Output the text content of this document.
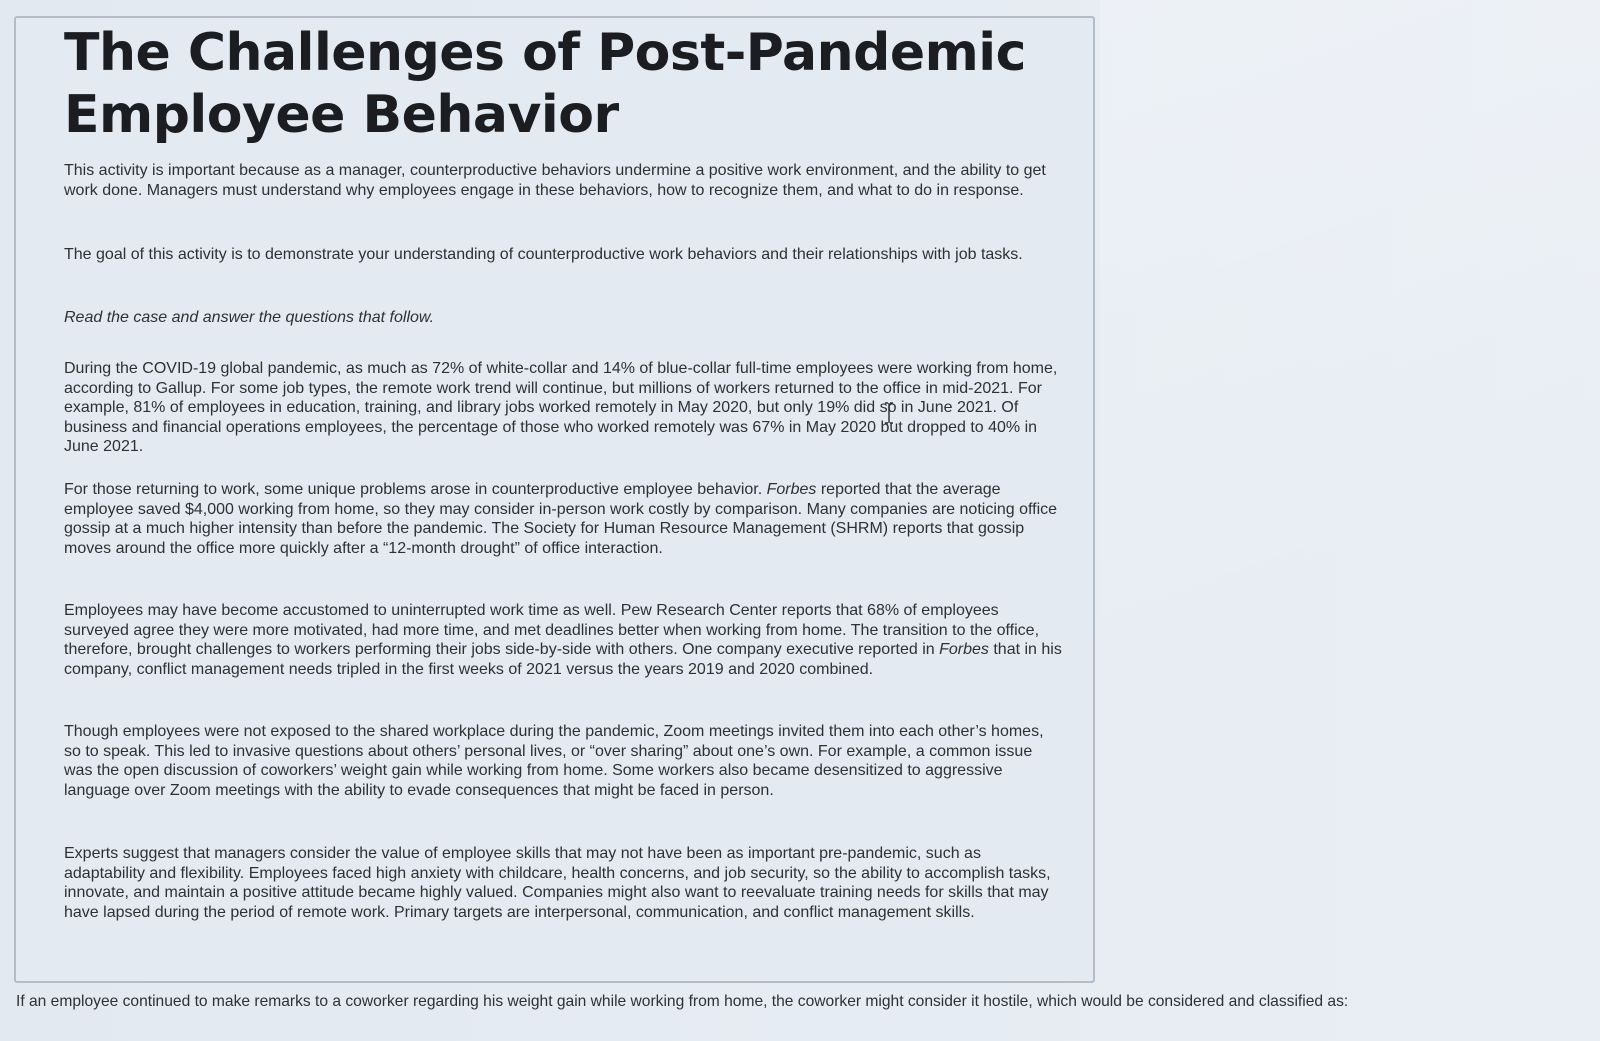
The Challenges of Post-Pandemic Employee Behavior

This activity is important because as a manager, counterproductive behaviors undermine a positive work environment, and the ability to get work done. Managers must understand why employees engage in these behaviors, how to recognize them, and what to do in response.

The goal of this activity is to demonstrate your understanding of counterproductive work behaviors and their relationships with job tasks.

Read the case and answer the questions that follow.

During the COVID-19 global pandemic, as much as 72% of white-collar and 14% of blue-collar full-time employees were working from home, according to Gallup. For some job types, the remote work trend will continue, but millions of workers returned to the office in mid-2021. For example, 81% of employees in education, training, and library jobs worked remotely in May 2020, but only 19% did so in June 2021. Of business and financial operations employees, the percentage of those who worked remotely was 67% in May 2020 but dropped to 40% in June 2021.

For those returning to work, some unique problems arose in counterproductive employee behavior. Forbes reported that the average employee saved $4,000 working from home, so they may consider in-person work costly by comparison. Many companies are noticing office gossip at a much higher intensity than before the pandemic. The Society for Human Resource Management (SHRM) reports that gossip moves around the office more quickly after a “12-month drought” of office interaction.

Employees may have become accustomed to uninterrupted work time as well. Pew Research Center reports that 68% of employees surveyed agree they were more motivated, had more time, and met deadlines better when working from home. The transition to the office, therefore, brought challenges to workers performing their jobs side-by-side with others. One company executive reported in Forbes that in his company, conflict management needs tripled in the first weeks of 2021 versus the years 2019 and 2020 combined.

Though employees were not exposed to the shared workplace during the pandemic, Zoom meetings invited them into each other’s homes, so to speak. This led to invasive questions about others’ personal lives, or “over sharing” about one’s own. For example, a common issue was the open discussion of coworkers’ weight gain while working from home. Some workers also became desensitized to aggressive language over Zoom meetings with the ability to evade consequences that might be faced in person.

Experts suggest that managers consider the value of employee skills that may not have been as important pre-pandemic, such as adaptability and flexibility. Employees faced high anxiety with childcare, health concerns, and job security, so the ability to accomplish tasks, innovate, and maintain a positive attitude became highly valued. Companies might also want to reevaluate training needs for skills that may have lapsed during the period of remote work. Primary targets are interpersonal, communication, and conflict management skills.

If an employee continued to make remarks to a coworker regarding his weight gain while working from home, the coworker might consider it hostile, which would be considered and classified as:
